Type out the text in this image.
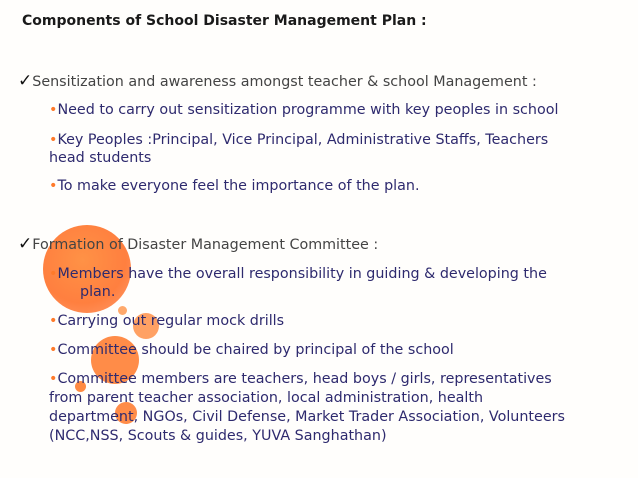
Components of School Disaster Management Plan :
✓Sensitization and awareness amongst teacher & school Management :
•Need to carry out sensitization programme with key peoples in school
•Key Peoples :Principal, Vice Principal, Administrative Staffs, Teachers
head students
•To make everyone feel the importance of the plan.
✓Formation of Disaster Management Committee :
•Members have the overall responsibility in guiding & developing the
plan.
•Carrying out regular mock drills
•Committee should be chaired by principal of the school
•Committee members are teachers, head boys / girls, representatives
from parent teacher association, local administration, health
department, NGOs, Civil Defense, Market Trader Association, Volunteers
(NCC,NSS, Scouts & guides, YUVA Sanghathan)
